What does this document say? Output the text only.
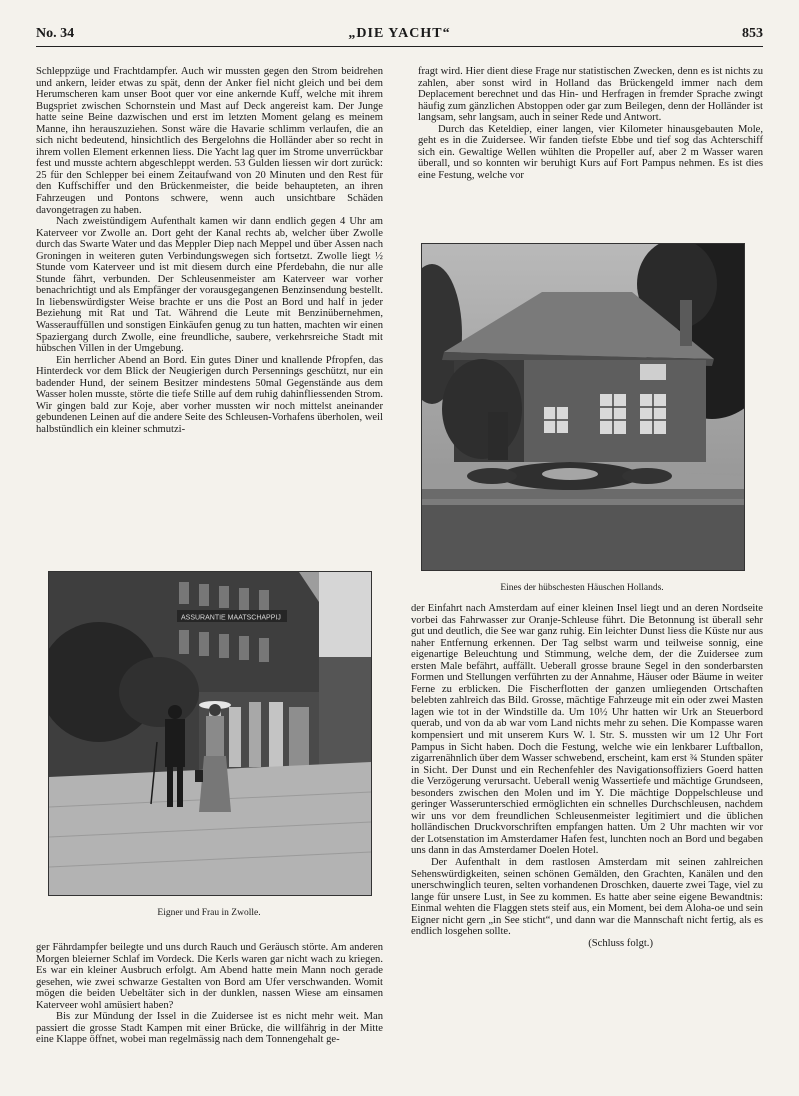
No. 34	„DIE YACHT“	853

Schleppzüge und Frachtdampfer. Auch wir mussten gegen den Strom beidrehen und ankern, leider etwas zu spät, denn der Anker fiel nicht gleich und bei dem Herumscheren kam unser Boot quer vor eine ankernde Kuff, welche mit ihrem Bugspriet zwischen Schornstein und Mast auf Deck angereist kam. Der Junge hatte seine Beine dazwischen und erst im letzten Moment gelang es meinem Manne, ihn herauszuziehen. Sonst wäre die Havarie schlimm verlaufen, die an sich nicht bedeutend, hinsichtlich des Bergelohns die Holländer aber so recht in ihrem vollen Element erkennen liess. Die Yacht lag quer im Strome unverrückbar fest und musste achtern abgeschleppt werden. 53 Gulden liessen wir dort zurück: 25 für den Schlepper bei einem Zeitaufwand von 20 Minuten und den Rest für den Kuffschiffer und den Brückenmeister, die beide behaupteten, an ihren Fahrzeugen und Pontons schwere, wenn auch unsichtbare Schäden davongetragen zu haben.

Nach zweistündigem Aufenthalt kamen wir dann endlich gegen 4 Uhr am Katerveer vor Zwolle an. Dort geht der Kanal rechts ab, welcher über Zwolle durch das Swarte Water und das Meppler Diep nach Meppel und über Assen nach Groningen in weiteren guten Verbindungswegen sich fortsetzt. Zwolle liegt ½ Stunde vom Katerveer und ist mit diesem durch eine Pferdebahn, die nur alle Stunde fährt, verbunden. Der Schleusenmeister am Katerveer war vorher benachrichtigt und als Empfänger der vorausgegangenen Benzinsendung bestellt. In liebenswürdigster Weise brachte er uns die Post an Bord und half in jeder Beziehung mit Rat und Tat. Während die Leute mit Benzinübernehmen, Wasserauffüllen und sonstigen Einkäufen genug zu tun hatten, machten wir einen Spaziergang durch Zwolle, eine freundliche, saubere, verkehrsreiche Stadt mit hübschen Villen in der Umgebung.

Ein herrlicher Abend an Bord. Ein gutes Diner und knallende Pfropfen, das Hinterdeck vor dem Blick der Neugierigen durch Persennings geschützt, nur ein badender Hund, der seinem Besitzer mindestens 50mal Gegenstände aus dem Wasser holen musste, störte die tiefe Stille auf dem ruhig dahinfliessenden Strom. Wir gingen bald zur Koje, aber vorher mussten wir noch mittelst aneinander gebundenen Leinen auf die andere Seite des Schleusen-Vorhafens überholen, weil halbstündlich ein kleiner schmutzi-

fragt wird. Hier dient diese Frage nur statistischen Zwecken, denn es ist nichts zu zahlen, aber sonst wird in Holland das Brückengeld immer nach dem Deplacement berechnet und das Hin- und Herfragen in fremder Sprache zwingt häufig zum gänzlichen Abstoppen oder gar zum Beilegen, denn der Holländer ist langsam, sehr langsam, auch in seiner Rede und Antwort.

Durch das Keteldiep, einer langen, vier Kilometer hinausgebauten Mole, geht es in die Zuidersee. Wir fanden tiefste Ebbe und tief sog das Achterschiff sich ein. Gewaltige Wellen wühlten die Propeller auf, aber 2 m Wasser waren überall, und so konnten wir beruhigt Kurs auf Fort Pampus nehmen. Es ist dies eine Festung, welche vor

Eines der hübschesten Häuschen Hollands.
ASSURANTIE MAATSCHAPPIJ
Eigner und Frau in Zwolle.

der Einfahrt nach Amsterdam auf einer kleinen Insel liegt und an deren Nordseite vorbei das Fahrwasser zur Oranje-Schleuse führt. Die Betonnung ist überall sehr gut und deutlich, die See war ganz ruhig. Ein leichter Dunst liess die Küste nur aus naher Entfernung erkennen. Der Tag selbst warm und teilweise sonnig, eine eigenartige Beleuchtung und Stimmung, welche dem, der die Zuidersee zum ersten Male befährt, auffällt. Ueberall grosse braune Segel in den sonderbarsten Formen und Stellungen verführten zu der Annahme, Häuser oder Bäume in weiter Ferne zu erblicken. Die Fischerflotten der ganzen umliegenden Ortschaften belebten zahlreich das Bild. Grosse, mächtige Fahrzeuge mit ein oder zwei Masten lagen wie tot in der Windstille da. Um 10½ Uhr hatten wir Urk an Steuerbord querab, und von da ab war vom Land nichts mehr zu sehen. Die Kompasse waren kompensiert und mit unserem Kurs W. l. Str. S. mussten wir um 12 Uhr Fort Pampus in Sicht haben. Doch die Festung, welche wie ein lenkbarer Luftballon, zigarrenähnlich über dem Wasser schwebend, erscheint, kam erst ¾ Stunden später in Sicht. Der Dunst und ein Rechenfehler des Navigationsoffiziers Goerd hatten die Verzögerung verursacht. Ueberall wenig Wassertiefe und mächtige Grundseen, besonders zwischen den Molen und im Y. Die mächtige Doppelschleuse und geringer Wasserunterschied ermöglichten ein schnelles Durchschleusen, nachdem wir uns vor dem freundlichen Schleusenmeister legitimiert und die üblichen holländischen Druckvorschriften empfangen hatten. Um 2 Uhr machten wir vor der Lotsenstation im Amsterdamer Hafen fest, lunchten noch an Bord und begaben uns dann in das Amsterdamer Doelen Hotel.

Der Aufenthalt in dem rastlosen Amsterdam mit seinen zahlreichen Sehenswürdigkeiten, seinen schönen Gemälden, den Grachten, Kanälen und den unerschwinglich teuren, selten vorhandenen Droschken, dauerte zwei Tage, viel zu lange für unsere Lust, in See zu kommen. Es hatte aber seine eigene Bewandtnis: Einmal wehten die Flaggen stets steif aus, ein Moment, bei dem Aloha-oe und sein Eigner nicht gern „in See sticht“, und dann war die Mannschaft nicht fertig, als es endlich losgehen sollte.

(Schluss folgt.)

ger Fährdampfer beilegte und uns durch Rauch und Geräusch störte. Am anderen Morgen bleierner Schlaf im Vordeck. Die Kerls waren gar nicht wach zu kriegen. Es war ein kleiner Ausbruch erfolgt. Am Abend hatte mein Mann noch gerade gesehen, wie zwei schwarze Gestalten von Bord am Ufer verschwanden. Womit mögen die beiden Uebeltäter sich in der dunklen, nassen Wiese am einsamen Katerveer wohl amüsiert haben?

Bis zur Mündung der Issel in die Zuidersee ist es nicht mehr weit. Man passiert die grosse Stadt Kampen mit einer Brücke, die willfährig in der Mitte eine Klappe öffnet, wobei man regelmässig nach dem Tonnengehalt ge-
